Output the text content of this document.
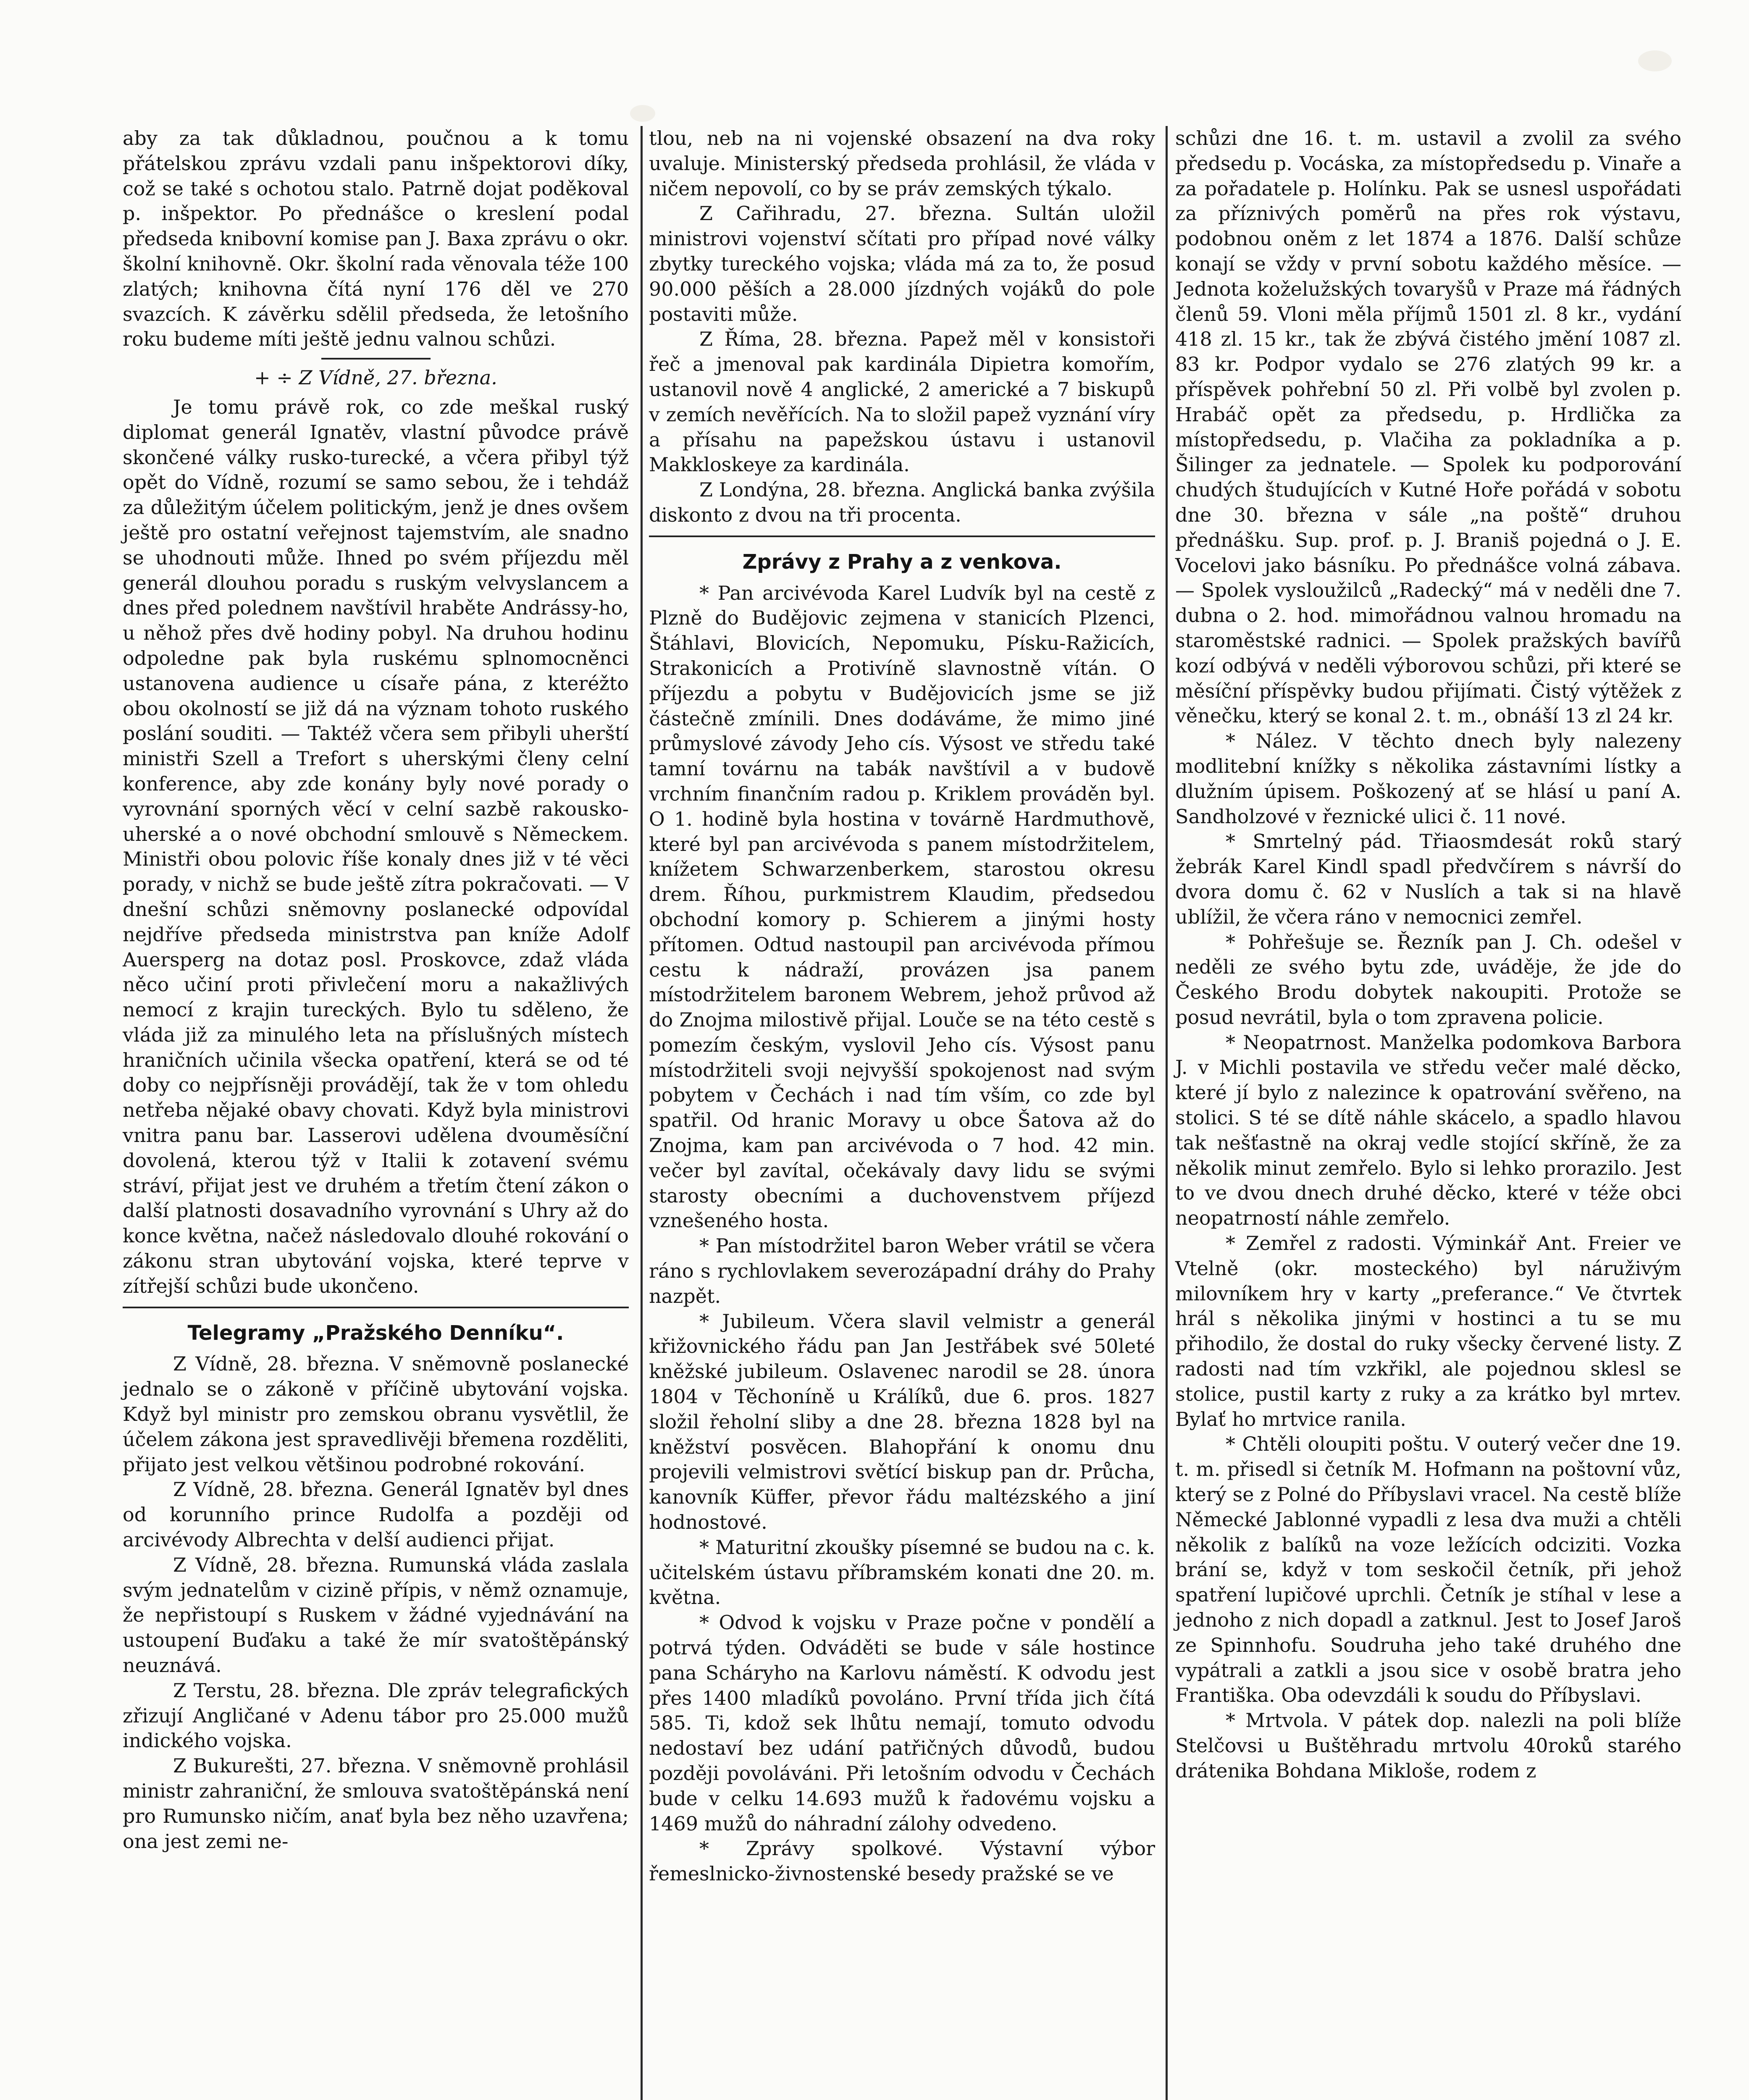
aby za tak důkladnou, poučnou a k tomu přátelskou zprávu vzdali panu inšpektorovi díky, což se také s ochotou stalo. Patrně dojat poděkoval p. inšpektor. Po přednášce o kreslení podal předseda knibovní komise pan J. Baxa zprávu o okr. školní knihovně. Okr. školní rada věnovala téže 100 zlatých; knihovna čítá nyní 176 děl ve 270 svazcích. K závěrku sdělil předseda, že letošního roku budeme míti ještě jednu valnou schůzi.

+ ÷ Z Vídně, 27. března.

Je tomu právě rok, co zde meškal ruský diplomat generál Ignatěv, vlastní původce právě skončené války rusko-turecké, a včera přibyl týž opět do Vídně, rozumí se samo sebou, že i tehdáž za důležitým účelem politickým, jenž je dnes ovšem ještě pro ostatní veřejnost tajemstvím, ale snadno se uhodnouti může. Ihned po svém příjezdu měl generál dlouhou poradu s ruským velvyslancem a dnes před polednem navštívil hraběte Andrássy-ho, u něhož přes dvě hodiny pobyl. Na druhou hodinu odpoledne pak byla ruskému splnomocněnci ustanovena audience u císaře pána, z kteréžto obou okolností se již dá na význam tohoto ruského poslání souditi. — Taktéž včera sem přibyli uherští ministři Szell a Trefort s uherskými členy celní konference, aby zde konány byly nové porady o vyrovnání sporných věcí v celní sazbě rakousko-uherské a o nové obchodní smlouvě s Německem. Ministři obou polovic říše konaly dnes již v té věci porady, v nichž se bude ještě zítra pokračovati. — V dnešní schůzi sněmovny poslanecké odpovídal nejdříve předseda ministrstva pan kníže Adolf Auersperg na dotaz posl. Proskovce, zdaž vláda něco učiní proti přivlečení moru a nakažlivých nemocí z krajin tureckých. Bylo tu sděleno, že vláda již za minulého leta na příslušných místech hraničních učinila všecka opatření, která se od té doby co nejpřísněji provádějí, tak že v tom ohledu netřeba nějaké obavy chovati. Když byla ministrovi vnitra panu bar. Lasserovi udělena dvouměsíční dovolená, kterou týž v Italii k zotavení svému stráví, přijat jest ve druhém a třetím čtení zákon o další platnosti dosavadního vyrovnání s Uhry až do konce května, načež následovalo dlouhé rokování o zákonu stran ubytování vojska, které teprve v zítřejší schůzi bude ukončeno.

Telegramy „Pražského Denníku“.

Z Vídně, 28. března. V sněmovně poslanecké jednalo se o zákoně v příčině ubytování vojska. Když byl ministr pro zemskou obranu vysvětlil, že účelem zákona jest spravedlivěji břemena rozděliti, přijato jest velkou většinou podrobné rokování.

Z Vídně, 28. března. Generál Ignatěv byl dnes od korunního prince Rudolfa a později od arcivévody Albrechta v delší audienci přijat.

Z Vídně, 28. března. Rumunská vláda zaslala svým jednatelům v cizině přípis, v němž oznamuje, že nepřistoupí s Ruskem v žádné vyjednávání na ustoupení Buďaku a také že mír svatoštěpánský neuznává.

Z Terstu, 28. března. Dle zpráv telegrafických zřizují Angličané v Adenu tábor pro 25.000 mužů indického vojska.

Z Bukurešti, 27. března. V sněmovně prohlásil ministr zahraniční, že smlouva svatoštěpánská není pro Rumunsko ničím, anať byla bez něho uzavřena; ona jest zemi ne-

tlou, neb na ni vojenské obsazení na dva roky uvaluje. Ministerský předseda prohlásil, že vláda v ničem nepovolí, co by se práv zemských týkalo.

Z Cařihradu, 27. března. Sultán uložil ministrovi vojenství sčítati pro případ nové války zbytky tureckého vojska; vláda má za to, že posud 90.000 pěších a 28.000 jízdných vojáků do pole postaviti může.

Z Říma, 28. března. Papež měl v konsistoři řeč a jmenoval pak kardinála Dipietra komořím, ustanovil nově 4 anglické, 2 americké a 7 biskupů v zemích nevěřících. Na to složil papež vyznání víry a přísahu na papežskou ústavu i ustanovil Makkloskeye za kardinála.

Z Londýna, 28. března. Anglická banka zvýšila diskonto z dvou na tři procenta.

Zprávy z Prahy a z venkova.

* Pan arcivévoda Karel Ludvík byl na cestě z Plzně do Budějovic zejmena v stanicích Plzenci, Štáhlavi, Blovicích, Nepomuku, Písku-Ražicích, Strakonicích a Protivíně slavnostně vítán. O příjezdu a pobytu v Budějovicích jsme se již částečně zmínili. Dnes dodáváme, že mimo jiné průmyslové závody Jeho cís. Výsost ve středu také tamní továrnu na tabák navštívil a v budově vrchním finančním radou p. Kriklem prováděn byl. O 1. hodině byla hostina v továrně Hardmuthově, které byl pan arcivévoda s panem místodržitelem, knížetem Schwarzenberkem, starostou okresu drem. Říhou, purkmistrem Klaudim, předsedou obchodní komory p. Schierem a jinými hosty přítomen. Odtud nastoupil pan arcivévoda přímou cestu k nádraží, provázen jsa panem místodržitelem baronem Webrem, jehož průvod až do Znojma milostivě přijal. Louče se na této cestě s pomezím českým, vyslovil Jeho cís. Výsost panu místodržiteli svoji nejvyšší spokojenost nad svým pobytem v Čechách i nad tím vším, co zde byl spatřil. Od hranic Moravy u obce Šatova až do Znojma, kam pan arcivévoda o 7 hod. 42 min. večer byl zavítal, očekávaly davy lidu se svými starosty obecními a duchovenstvem příjezd vznešeného hosta.

* Pan místodržitel baron Weber vrátil se včera ráno s rychlovlakem severozápadní dráhy do Prahy nazpět.

* Jubileum. Včera slavil velmistr a generál křižovnického řádu pan Jan Jestřábek své 50leté kněžské jubileum. Oslavenec narodil se 28. února 1804 v Těchoníně u Králíků, due 6. pros. 1827 složil řeholní sliby a dne 28. března 1828 byl na kněžství posvěcen. Blahopřání k onomu dnu projevili velmistrovi světící biskup pan dr. Průcha, kanovník Küffer, převor řádu maltézského a jiní hodnostové.

* Maturitní zkoušky písemné se budou na c. k. učitelském ústavu příbramském konati dne 20. m. května.

* Odvod k vojsku v Praze počne v pondělí a potrvá týden. Odváděti se bude v sále hostince pana Scháryho na Karlovu náměstí. K odvodu jest přes 1400 mladíků povoláno. První třída jich čítá 585. Ti, kdož sek lhůtu nemají, tomuto odvodu nedostaví bez udání patřičných důvodů, budou později povoláváni. Při letošním odvodu v Čechách bude v celku 14.693 mužů k řadovému vojsku a 1469 mužů do náhradní zálohy odvedeno.

* Zprávy spolkové. Výstavní výbor řemeslnicko-živnostenské besedy pražské se ve

schůzi dne 16. t. m. ustavil a zvolil za svého předsedu p. Vocáska, za místopředsedu p. Vinaře a za pořadatele p. Holínku. Pak se usnesl uspořádati za příznivých poměrů na přes rok výstavu, podobnou oněm z let 1874 a 1876. Další schůze konají se vždy v první sobotu každého měsíce. — Jednota koželužských tovaryšů v Praze má řádných členů 59. Vloni měla příjmů 1501 zl. 8 kr., vydání 418 zl. 15 kr., tak že zbývá čistého jmění 1087 zl. 83 kr. Podpor vydalo se 276 zlatých 99 kr. a příspěvek pohřební 50 zl. Při volbě byl zvolen p. Hrabáč opět za předsedu, p. Hrdlička za místopředsedu, p. Vlačiha za pokladníka a p. Šilinger za jednatele. — Spolek ku podporování chudých študujících v Kutné Hoře pořádá v sobotu dne 30. března v sále „na poště“ druhou přednášku. Sup. prof. p. J. Braniš pojedná o J. E. Vocelovi jako básníku. Po přednášce volná zábava. — Spolek vysloužilců „Radecký“ má v neděli dne 7. dubna o 2. hod. mimořádnou valnou hromadu na staroměstské radnici. — Spolek pražských bavířů kozí odbývá v neděli výborovou schůzi, při které se měsíční příspěvky budou přijímati. Čistý výtěžek z věnečku, který se konal 2. t. m., obnáší 13 zl 24 kr.

* Nález. V těchto dnech byly nalezeny modlitební knížky s několika zástavními lístky a dlužním úpisem. Poškozený ať se hlásí u paní A. Sandholzové v řeznické ulici č. 11 nové.

* Smrtelný pád. Třiaosmdesát roků starý žebrák Karel Kindl spadl předvčírem s návrší do dvora domu č. 62 v Nuslích a tak si na hlavě ublížil, že včera ráno v nemocnici zemřel.

* Pohřešuje se. Řezník pan J. Ch. odešel v neděli ze svého bytu zde, uváděje, že jde do Českého Brodu dobytek nakoupiti. Protože se posud nevrátil, byla o tom zpravena policie.

* Neopatrnost. Manželka podomkova Barbora J. v Michli postavila ve středu večer malé děcko, které jí bylo z nalezince k opatrování svěřeno, na stolici. S té se dítě náhle skácelo, a spadlo hlavou tak nešťastně na okraj vedle stojící skříně, že za několik minut zemřelo. Bylo si lehko prorazilo. Jest to ve dvou dnech druhé děcko, které v téže obci neopatrností náhle zemřelo.

* Zemřel z radosti. Výminkář Ant. Freier ve Vtelně (okr. mosteckého) byl náruživým milovníkem hry v karty „preferance.“ Ve čtvrtek hrál s několika jinými v hostinci a tu se mu přihodilo, že dostal do ruky všecky červené listy. Z radosti nad tím vzkřikl, ale pojednou sklesl se stolice, pustil karty z ruky a za krátko byl mrtev. Bylať ho mrtvice ranila.

* Chtěli oloupiti poštu. V outerý večer dne 19. t. m. přisedl si četník M. Hofmann na poštovní vůz, který se z Polné do Příbyslavi vracel. Na cestě blíže Německé Jablonné vypadli z lesa dva muži a chtěli několik z balíků na voze ležících odciziti. Vozka brání se, když v tom seskočil četník, při jehož spatření lupičové uprchli. Četník je stíhal v lese a jednoho z nich dopadl a zatknul. Jest to Josef Jaroš ze Spinnhofu. Soudruha jeho také druhého dne vypátrali a zatkli a jsou sice v osobě bratra jeho Františka. Oba odevzdáli k soudu do Příbyslavi.

* Mrtvola. V pátek dop. nalezli na poli blíže Stelčovsi u Buštěhradu mrtvolu 40roků starého drátenika Bohdana Mikloše, rodem z
